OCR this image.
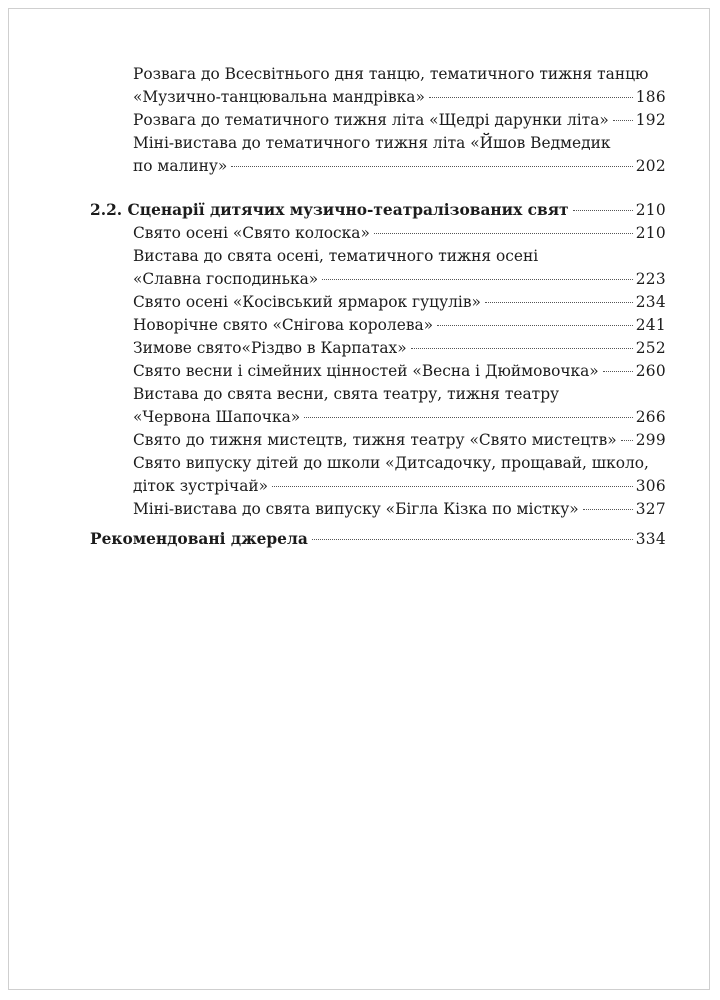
Розвага до Всесвітнього дня танцю, тематичного тижня танцю
«Музично-танцювальна мандрівка»	186
Розвага до тематичного тижня літа «Щедрі дарунки літа» 192
Міні-вистава до тематичного тижня літа «Йшов Ведмедик
по малину»	202
2.2. Сценарії дитячих музично-театралізованих свят	210
Свято осені «Свято колоска»	210
Вистава до свята осені, тематичного тижня осені
«Славна господинька»	223
Свято осені «Косівський ярмарок гуцулів»	234
Новорічне свято «Снігова королева»	241
Зимове свято«Різдво в Карпатах»	252
Свято весни і сімейних цінностей «Весна і Дюймовочка» 260
Вистава до свята весни, свята театру, тижня театру
«Червона Шапочка»	266
Свято до тижня мистецтв, тижня театру «Свято мистецтв» 299
Свято випуску дітей до школи «Дитсадочку, прощавай, школо,
діток зустрічай»	306
Міні-вистава до свята випуску «Бігла Кізка по містку»	327
Рекомендовані джерела	334
